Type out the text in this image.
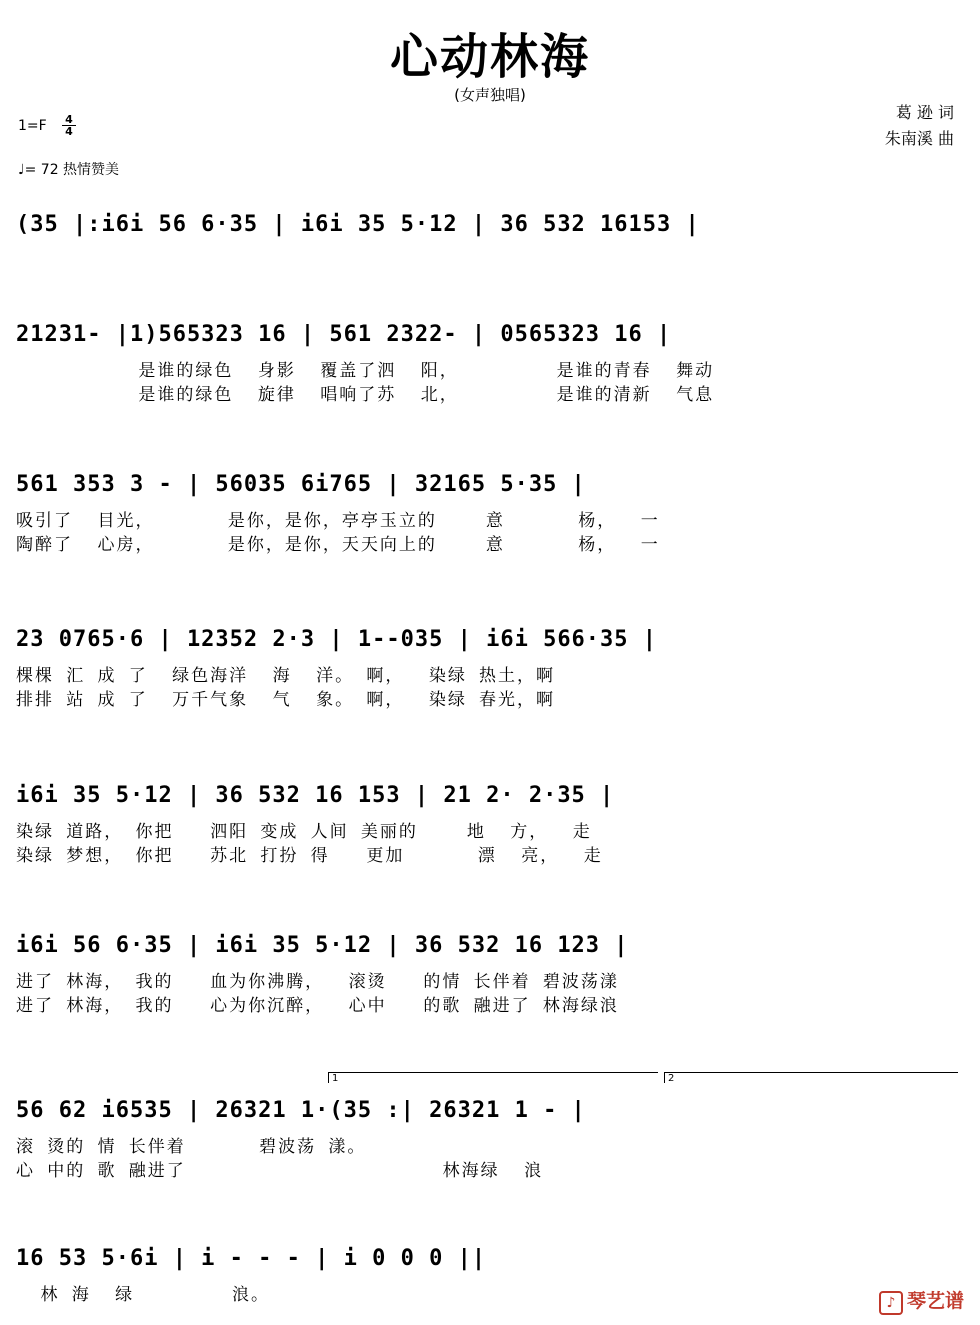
心动林海
(女声独唱)
葛 逊 词
朱南溪 曲
1=F 4
4
♩= 72 热情赞美
(35 |:i6i 56 6·35 | i6i 35 5·12 | 36 532 16153 |
21231- |1)565323 16 | 561 2322- | 0565323 16 |
是谁的绿色  身影  覆盖了泗  阳，        是谁的青春  舞动
是谁的绿色  旋律  唱响了苏  北，        是谁的清新  气息
561 353 3 - | 56035 6i765 | 32165 5·35 |
吸引了  目光，      是你，是你，亭亭玉立的    意      杨，  一
陶醉了  心房，      是你，是你，天天向上的    意      杨，  一
23 0765·6 | 12352 2·3 | 1--035 | i6i 566·35 |
棵棵 汇 成 了  绿色海洋  海  洋。 啊，  染绿 热土，啊
排排 站 成 了  万千气象  气  象。 啊，  染绿 春光，啊
i6i 35 5·12 | 36 532 16 153 | 21 2· 2·35 |
染绿 道路， 你把   泗阳 变成 人间 美丽的    地  方，  走
染绿 梦想， 你把   苏北 打扮 得   更加      漂  亮，  走
i6i 56 6·35 | i6i 35 5·12 | 36 532 16 123 |
进了 林海， 我的   血为你沸腾，  滚烫   的情 长伴着 碧波荡漾
进了 林海， 我的   心为你沉醉，  心中   的歌 融进了 林海绿浪
1	2
56 62 i6535 | 26321 1·(35 :| 26321 1 - |
滚 烫的 情 长伴着      碧波荡 漾。
心 中的 歌 融进了                     林海绿  浪
16 53 5·6i | i - - - | i 0 0 0 ||
林 海  绿        浪。	♪ 琴艺谱
